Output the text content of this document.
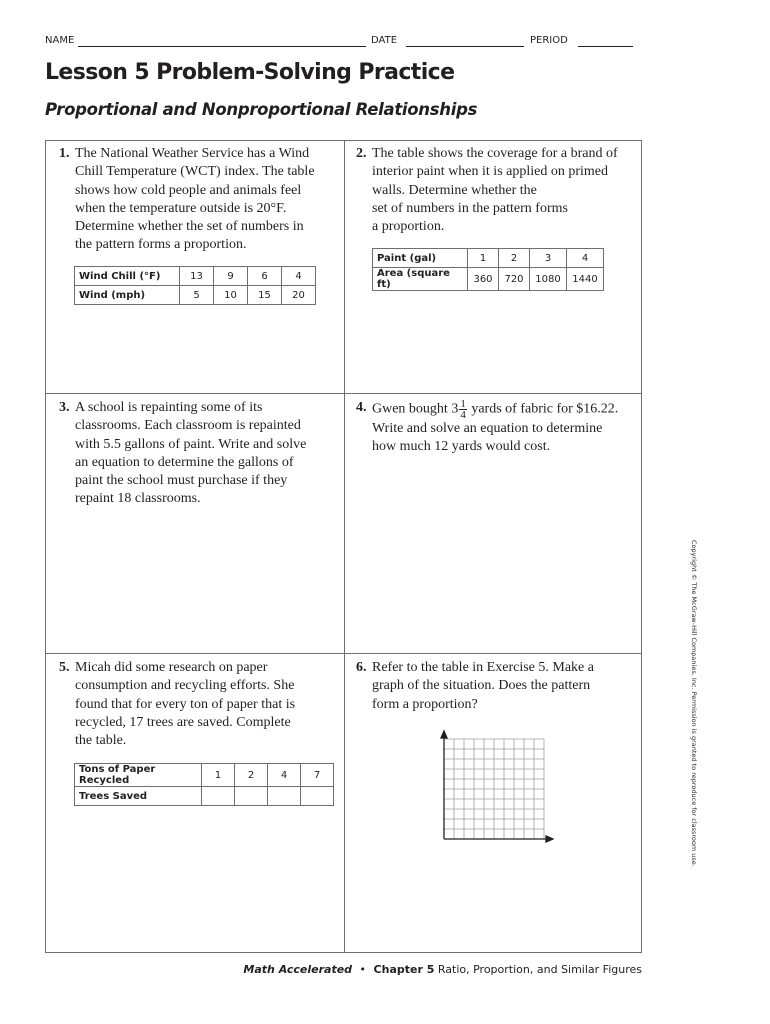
NAME	DATE	PERIOD
Lesson 5 Problem-Solving Practice
Proportional and Nonproportional Relationships
1. The National Weather Service has a Wind
Chill Temperature (WCT) index. The table
shows how cold people and animals feel
when the temperature outside is 20°F.
Determine whether the set of numbers in
the pattern forms a proportion.
Wind Chill (°F)	13	9	6	4
Wind (mph)	5	10	15	20
2. The table shows the coverage for a brand of
interior paint when it is applied on primed
walls. Determine whether the
set of numbers in the pattern forms
a proportion.
Paint (gal)	1	2	3	4
Area (square ft)	360	720	1080	1440
3. A school is repainting some of its
classrooms. Each classroom is repainted
with 5.5 gallons of paint. Write and solve
an equation to determine the gallons of
paint the school must purchase if they
repaint 18 classrooms.
4. Gwen bought $3 \frac{1}{4}$ yards of fabric for $16.22.
Write and solve an equation to determine
how much 12 yards would cost.
5. Micah did some research on paper
consumption and recycling efforts. She
found that for every ton of paper that is
recycled, 17 trees are saved. Complete
the table.
Tons of Paper Recycled	1	2	4	7
Trees Saved				
6. Refer to the table in Exercise 5. Make a
graph of the situation. Does the pattern
form a proportion?	Copyright © The McGraw-Hill Companies, Inc. Permission is granted to reproduce for classroom use.
Math Accelerated • Chapter 5 Ratio, Proportion, and Similar Figures
